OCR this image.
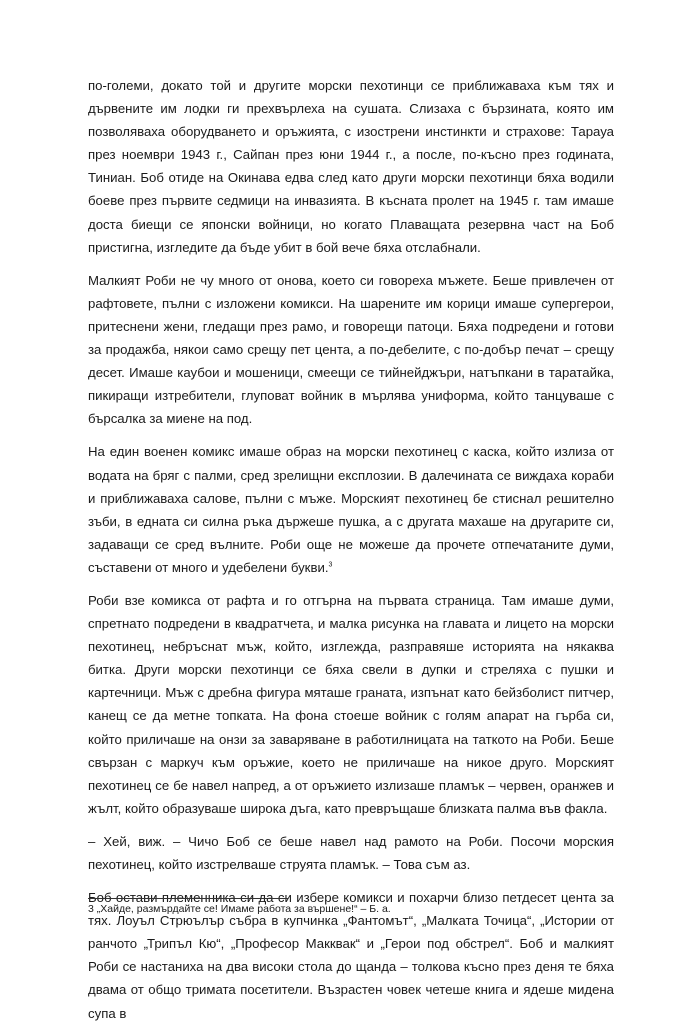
по-големи, докато той и другите морски пехотинци се приближаваха към тях и дървените им лодки ги прехвърлеха на сушата. Слизаха с бързината, която им позволяваха оборудването и оръжията, с изострени инстинкти и страхове: Тарауа през ноември 1943 г., Сайпан през юни 1944 г., а после, по-късно през годината, Тиниан. Боб отиде на Окинава едва след като други морски пехотинци бяха водили боеве през първите седмици на инвазията. В късната пролет на 1945 г. там имаше доста биещи се японски войници, но когато Плаващата резервна част на Боб пристигна, изгледите да бъде убит в бой вече бяха отслабнали.

Малкият Роби не чу много от онова, което си говореха мъжете. Беше привлечен от рафтовете, пълни с изложени комикси. На шарените им корици имаше супергерои, притеснени жени, гледащи през рамо, и говорещи патоци. Бяха подредени и готови за продажба, някои само срещу пет цента, а по-дебелите, с по-добър печат – срещу десет. Имаше каубои и мошеници, смеещи се тийнейджъри, натъпкани в таратайка, пикиращи изтребители, глуповат войник в мърлява униформа, който танцуваше с бърсалка за миене на под.

На един военен комикс имаше образ на морски пехотинец с каска, който излиза от водата на бряг с палми, сред зрелищни експлозии. В далечината се виждаха кораби и приближаваха салове, пълни с мъже. Морският пехотинец бе стиснал решително зъби, в едната си силна ръка държеше пушка, а с другата махаше на другарите си, задаващи се сред вълните. Роби още не можеше да прочете отпечатаните думи, съставени от много и удебелени букви.$^3$

Роби взе комикса от рафта и го отгърна на първата страница. Там имаше думи, спретнато подредени в квадратчета, и малка рисунка на главата и лицето на морски пехотинец, небръснат мъж, който, изглежда, разправяше историята на някаква битка. Други морски пехотинци се бяха свели в дупки и стреляха с пушки и картечници. Мъж с дребна фигура мяташе граната, изпънат като бейзболист питчер, канещ се да метне топката. На фона стоеше войник с голям апарат на гърба си, който приличаше на онзи за заваряване в работилницата на таткото на Роби. Беше свързан с маркуч към оръжие, което не приличаше на никое друго. Морският пехотинец се бе навел напред, а от оръжието излизаше пламък – червен, оранжев и жълт, който образуваше широка дъга, като превръщаше близката палма във факла.

– Хей, виж. – Чичо Боб се беше навел над рамото на Роби. Посочи морския пехотинец, който изстрелваше струята пламък. – Това съм аз.

Боб остави племенника си да си избере комикси и похарчи близо петдесет цента за тях. Лоуъл Стрюълър събра в купчинка „Фантомът“, „Малката Точица“, „Истории от ранчото „Трипъл Кю“, „Професор Макквак“ и „Герои под обстрел“. Боб и малкият Роби се настаниха на два високи стола до щанда – толкова късно през деня те бяха двама от общо тримата посетители. Възрастен човек четеше книга и ядеше мидена супа в

3 „Хайде, размърдайте се! Имаме работа за вършене!“ – Б. а.
